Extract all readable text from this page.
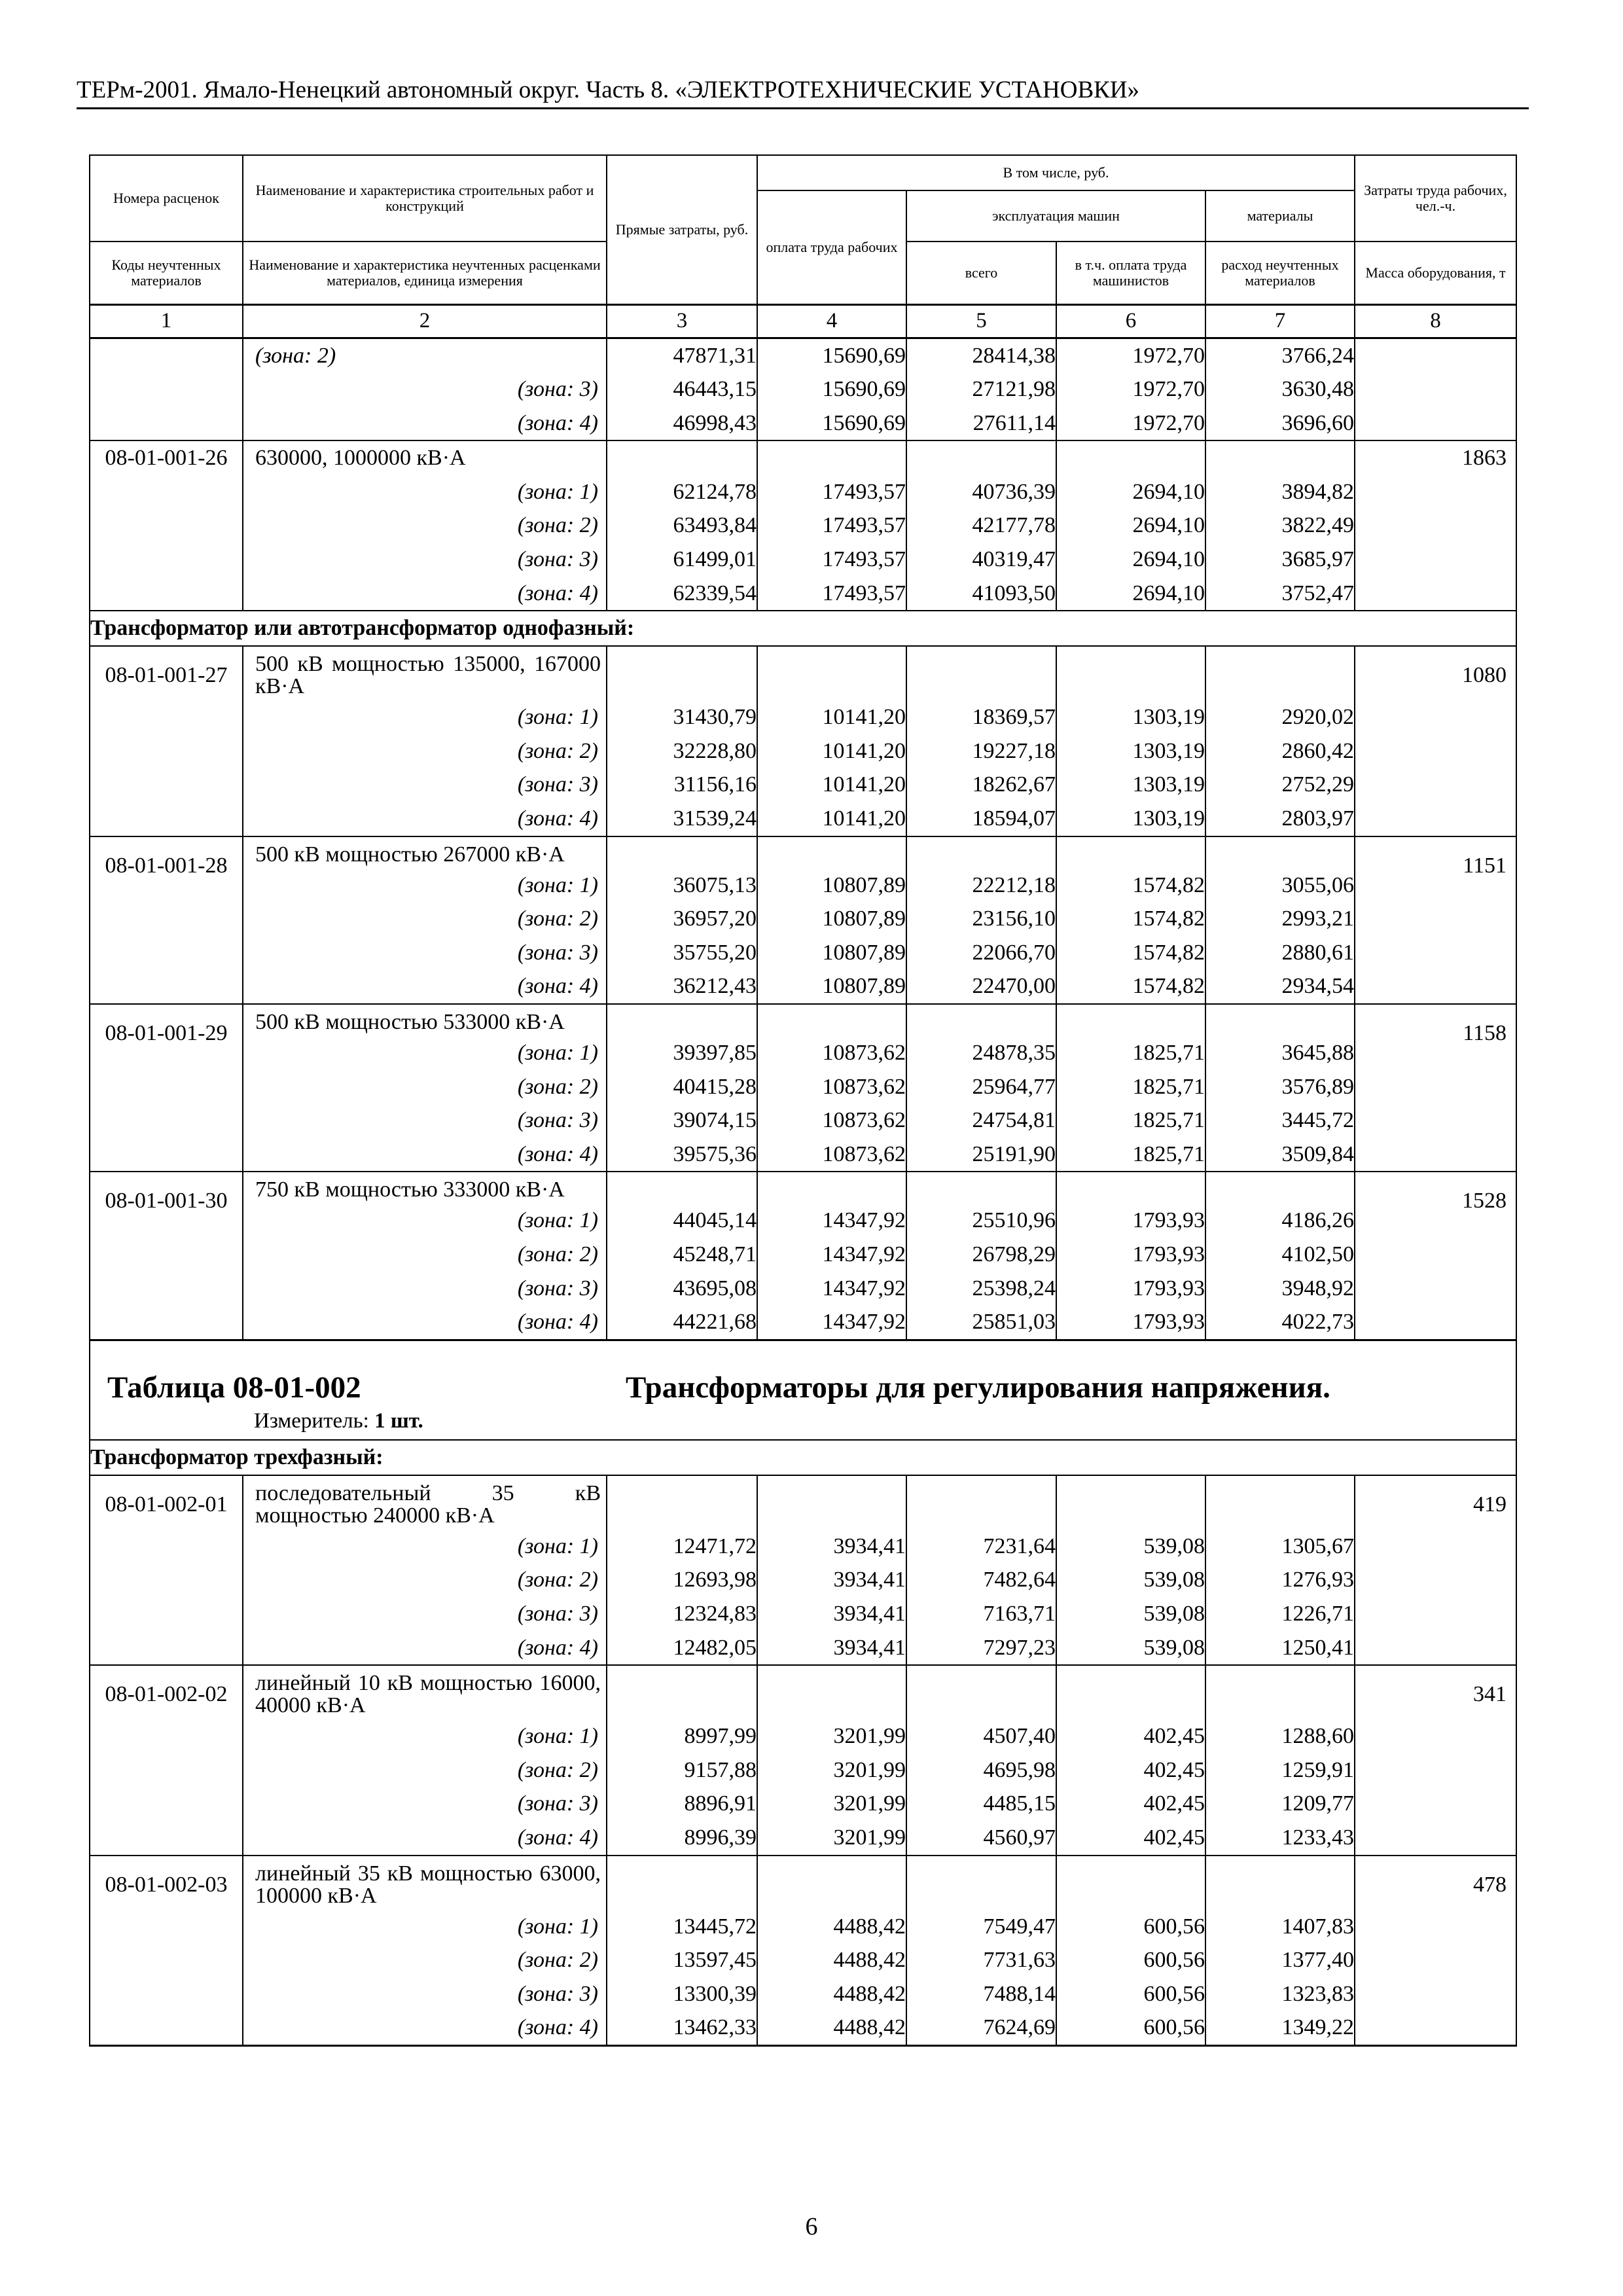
ТЕРм-2001. Ямало-Ненецкий автономный округ. Часть 8. «ЭЛЕКТРОТЕХНИЧЕСКИЕ УСТАНОВКИ»
Номера расценок	Наименование и характеристика строительных работ и конструкций	Прямые затраты, руб.	В том числе, руб.				Затраты труда рабочих, чел.-ч.
			оплата труда рабочих	эксплуатация машин		материалы	
Коды неучтенных материалов	Наименование и характеристика неучтенных расценками материалов, единица измерения			всего	в т.ч. оплата труда машинистов	расход неучтенных материалов	Масса оборудования, т
1	2	3	4	5	6	7	8
	(зона: 2)	47871,31	15690,69	28414,38	1972,70	3766,24	
	(зона: 3)	46443,15	15690,69	27121,98	1972,70	3630,48	
	(зона: 4)	46998,43	15690,69	27611,14	1972,70	3696,60	
08-01-001-26	630000, 1000000 кВ·А						1863
	(зона: 1)	62124,78	17493,57	40736,39	2694,10	3894,82	
	(зона: 2)	63493,84	17493,57	42177,78	2694,10	3822,49	
	(зона: 3)	61499,01	17493,57	40319,47	2694,10	3685,97	
	(зона: 4)	62339,54	17493,57	41093,50	2694,10	3752,47	
Трансформатор или автотрансформатор однофазный:							
08-01-001-27	500 кВ мощностью 135000, 167000 кВ·А						1080
	(зона: 1)	31430,79	10141,20	18369,57	1303,19	2920,02	
	(зона: 2)	32228,80	10141,20	19227,18	1303,19	2860,42	
	(зона: 3)	31156,16	10141,20	18262,67	1303,19	2752,29	
	(зона: 4)	31539,24	10141,20	18594,07	1303,19	2803,97	
08-01-001-28	500 кВ мощностью 267000 кВ·А						1151
	(зона: 1)	36075,13	10807,89	22212,18	1574,82	3055,06	
	(зона: 2)	36957,20	10807,89	23156,10	1574,82	2993,21	
	(зона: 3)	35755,20	10807,89	22066,70	1574,82	2880,61	
	(зона: 4)	36212,43	10807,89	22470,00	1574,82	2934,54	
08-01-001-29	500 кВ мощностью 533000 кВ·А						1158
	(зона: 1)	39397,85	10873,62	24878,35	1825,71	3645,88	
	(зона: 2)	40415,28	10873,62	25964,77	1825,71	3576,89	
	(зона: 3)	39074,15	10873,62	24754,81	1825,71	3445,72	
	(зона: 4)	39575,36	10873,62	25191,90	1825,71	3509,84	
08-01-001-30	750 кВ мощностью 333000 кВ·А						1528
	(зона: 1)	44045,14	14347,92	25510,96	1793,93	4186,26	
	(зона: 2)	45248,71	14347,92	26798,29	1793,93	4102,50	
	(зона: 3)	43695,08	14347,92	25398,24	1793,93	3948,92	
	(зона: 4)	44221,68	14347,92	25851,03	1793,93	4022,73	

Таблица 08-01-002 Трансформаторы для регулирования напряжения.
Измеритель: 1 шт.							

Трансформатор трехфазный:							
08-01-002-01	последовательный 35 кВ мощностью 240000 кВ·А						419
	(зона: 1)	12471,72	3934,41	7231,64	539,08	1305,67	
	(зона: 2)	12693,98	3934,41	7482,64	539,08	1276,93	
	(зона: 3)	12324,83	3934,41	7163,71	539,08	1226,71	
	(зона: 4)	12482,05	3934,41	7297,23	539,08	1250,41	
08-01-002-02	линейный 10 кВ мощностью 16000, 40000 кВ·А						341
	(зона: 1)	8997,99	3201,99	4507,40	402,45	1288,60	
	(зона: 2)	9157,88	3201,99	4695,98	402,45	1259,91	
	(зона: 3)	8896,91	3201,99	4485,15	402,45	1209,77	
	(зона: 4)	8996,39	3201,99	4560,97	402,45	1233,43	
08-01-002-03	линейный 35 кВ мощностью 63000, 100000 кВ·А						478
	(зона: 1)	13445,72	4488,42	7549,47	600,56	1407,83	
	(зона: 2)	13597,45	4488,42	7731,63	600,56	1377,40	
	(зона: 3)	13300,39	4488,42	7488,14	600,56	1323,83	
	(зона: 4)	13462,33	4488,42	7624,69	600,56	1349,22	
6
